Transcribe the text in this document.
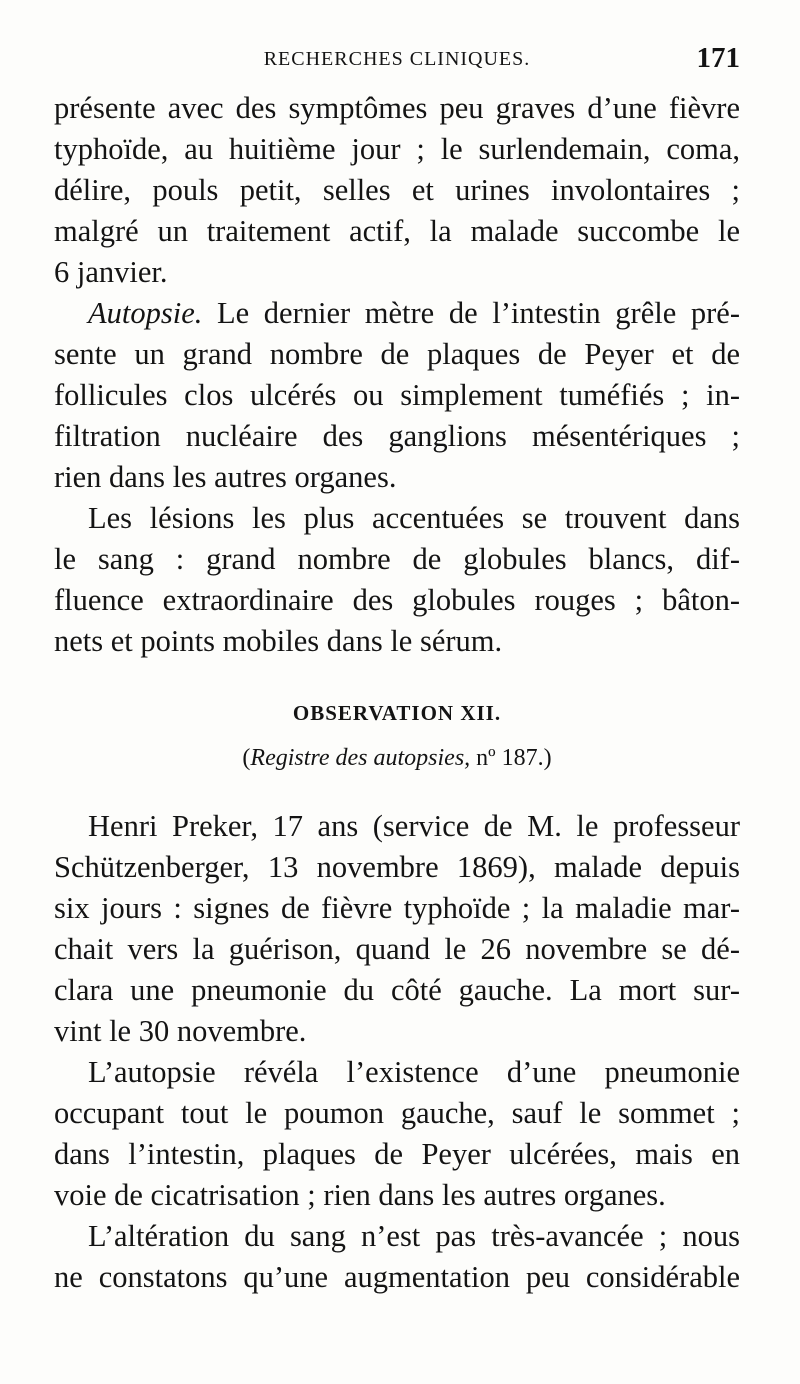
RECHERCHES CLINIQUES.	171
présente avec des symptômes peu graves d’une fièvre
typhoïde, au huitième jour ; le surlendemain, coma,
délire, pouls petit, selles et urines involontaires ;
malgré un traitement actif, la malade succombe le
6 janvier.
Autopsie. Le dernier mètre de l’intestin grêle pré-
sente un grand nombre de plaques de Peyer et de
follicules clos ulcérés ou simplement tuméfiés ; in-
filtration nucléaire des ganglions mésentériques ;
rien dans les autres organes.
Les lésions les plus accentuées se trouvent dans
le sang : grand nombre de globules blancs, dif-
fluence extraordinaire des globules rouges ; bâton-
nets et points mobiles dans le sérum.
OBSERVATION XII.
(Registre des autopsies, nº 187.)
Henri Preker, 17 ans (service de M. le professeur
Schützenberger, 13 novembre 1869), malade depuis
six jours : signes de fièvre typhoïde ; la maladie mar-
chait vers la guérison, quand le 26 novembre se dé-
clara une pneumonie du côté gauche. La mort sur-
vint le 30 novembre.
L’autopsie révéla l’existence d’une pneumonie
occupant tout le poumon gauche, sauf le sommet ;
dans l’intestin, plaques de Peyer ulcérées, mais en
voie de cicatrisation ; rien dans les autres organes.
L’altération du sang n’est pas très-avancée ; nous
ne constatons qu’une augmentation peu considérable
